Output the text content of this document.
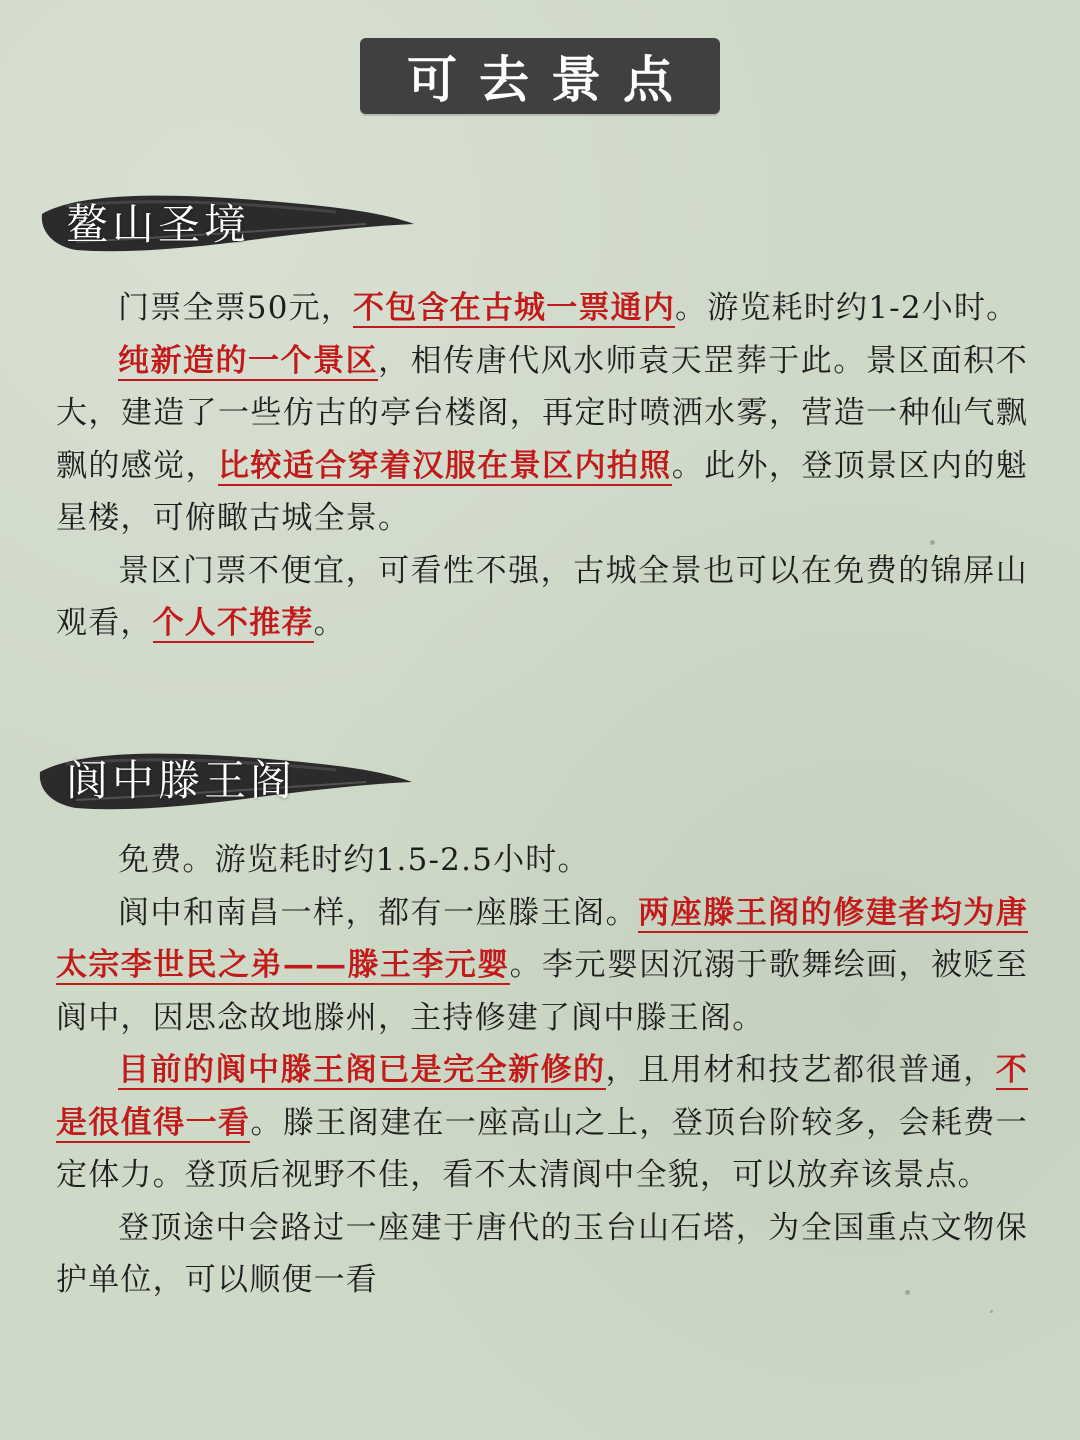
可去景点
鳌山圣境

门票全票50元，不包含在古城一票通内。游览耗时约1-2小时。

纯新造的一个景区，相传唐代风水师袁天罡葬于此。景区面积不大，建造了一些仿古的亭台楼阁，再定时喷洒水雾，营造一种仙气飘飘的感觉，比较适合穿着汉服在景区内拍照。此外，登顶景区内的魁星楼，可俯瞰古城全景。

景区门票不便宜，可看性不强，古城全景也可以在免费的锦屏山观看，个人不推荐。

阆中滕王阁

免费。游览耗时约1.5-2.5小时。

阆中和南昌一样，都有一座滕王阁。两座滕王阁的修建者均为唐太宗李世民之弟——滕王李元婴。李元婴因沉溺于歌舞绘画，被贬至阆中，因思念故地滕州，主持修建了阆中滕王阁。

目前的阆中滕王阁已是完全新修的，且用材和技艺都很普通，不是很值得一看。滕王阁建在一座高山之上，登顶台阶较多，会耗费一定体力。登顶后视野不佳，看不太清阆中全貌，可以放弃该景点。

登顶途中会路过一座建于唐代的玉台山石塔，为全国重点文物保护单位，可以顺便一看
